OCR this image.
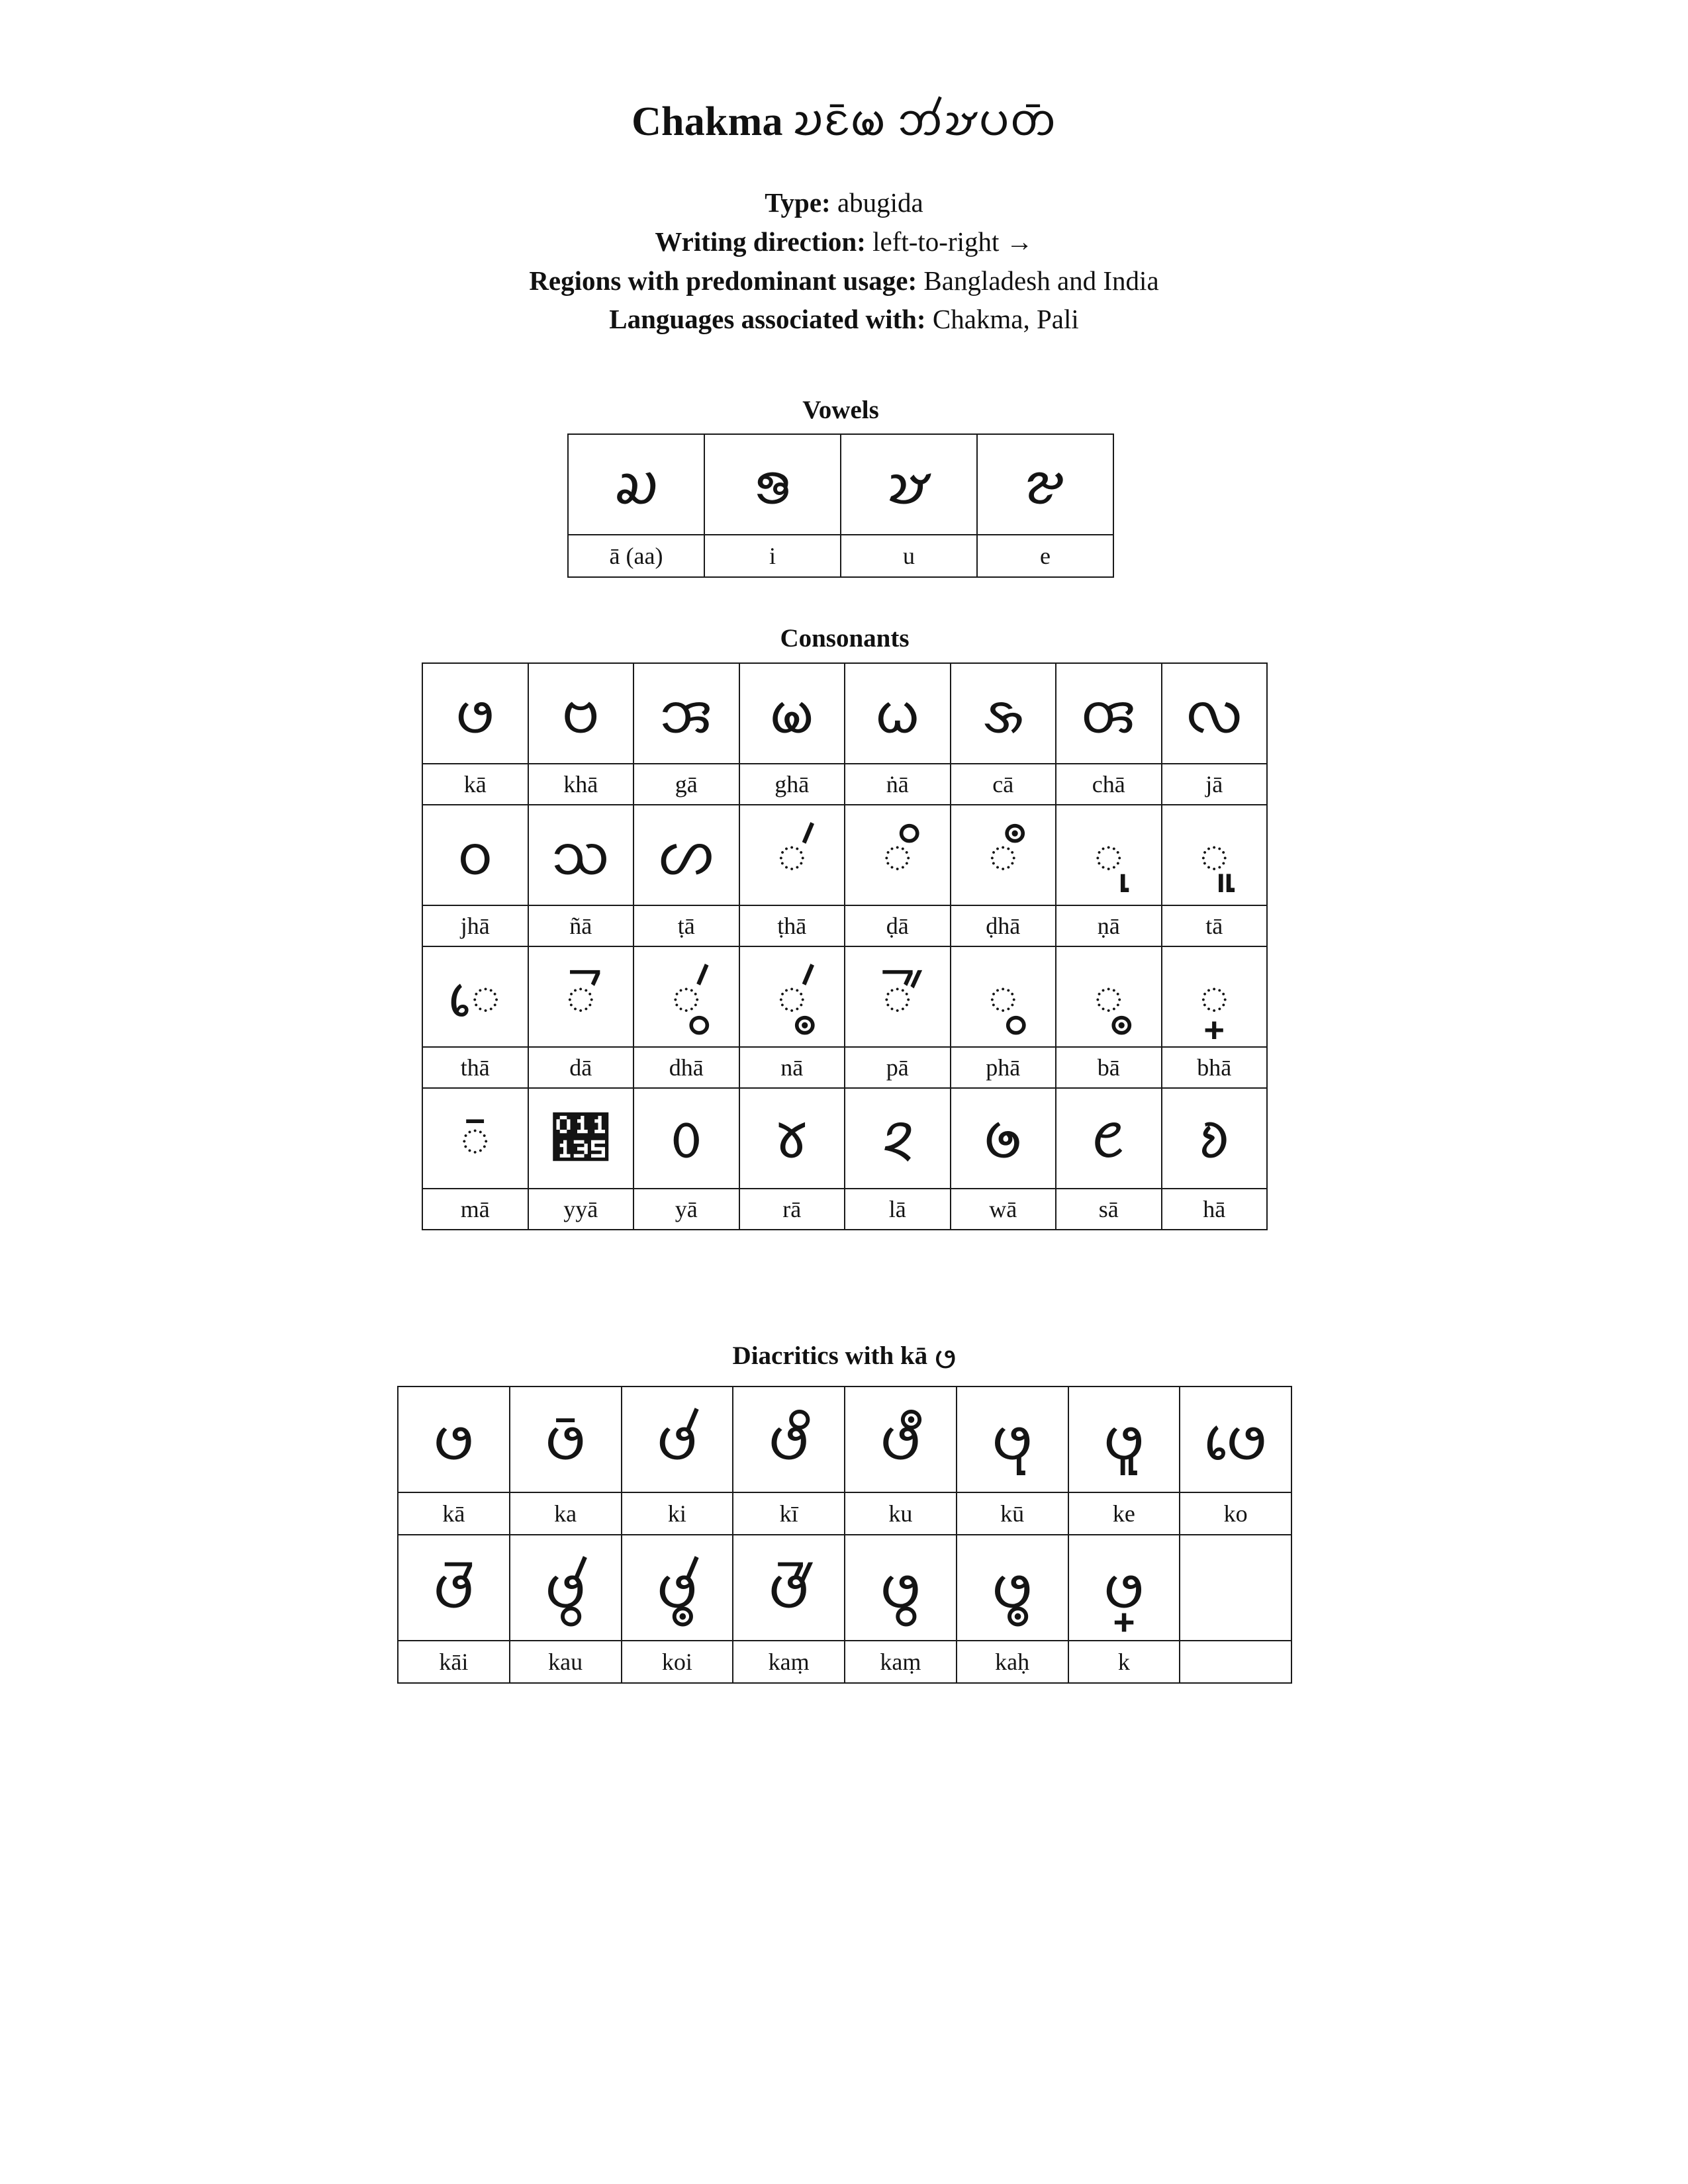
Chakma 𑄌𑄋𑄴𑄟 𑄃𑄧𑄏𑄛𑄖𑄴
Type: abugida
Writing direction: left-to-right →
Regions with predominant usage: Bangladesh and India
Languages associated with: Chakma, Pali
Vowels
𑄍	𑄎	𑄏	𑄐
ā (aa)	i	u	e
Consonants
𑄜	𑄝	𑄞	𑄟	𑄠	𑄡	𑄢	𑄣
kā	khā	gā	ghā	ṅā	cā	chā	jā
𑄤	𑄥	𑄦	𑄧	𑄨	𑄩	𑄪	𑄫
jhā	ñā	ṭā	ṭhā	ḍā	ḍhā	ṇā	tā
𑄬	𑄭	𑄮	𑄯	𑄰	𑄱	𑄲	𑄳
thā	dā	dhā	nā	pā	phā	bā	bhā
𑄴	𑄵	𑄶	𑄷	𑄸	𑄹	𑄺	𑄻
mā	yyā	yā	rā	lā	wā	sā	hā
Diacritics with kā 𑄜
𑄜	𑄜𑄴	𑄜𑄧	𑄜𑄨	𑄜𑄩	𑄜𑄪	𑄜𑄫	𑄜𑄬
kā	ka	ki	kī	ku	kū	ke	ko
𑄜𑄭	𑄜𑄮	𑄜𑄯	𑄜𑄰	𑄜𑄱	𑄜𑄲	𑄜𑄳	
kāi	kau	koi	kaṃ	kaṃ	kaḥ	k	
